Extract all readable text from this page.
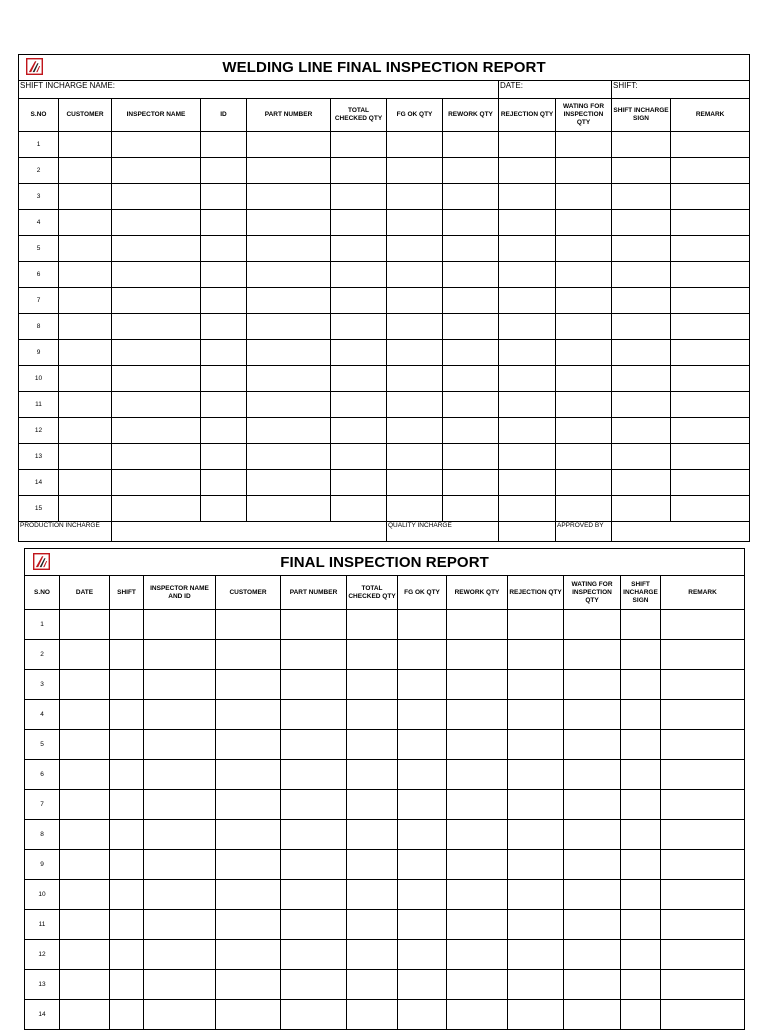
WELDING LINE FINAL INSPECTION REPORT											
SHIFT INCHARGE NAME:								DATE:		SHIFT:	
S.NO	CUSTOMER	INSPECTOR NAME	ID	PART NUMBER	TOTAL CHECKED QTY	FG OK QTY	REWORK QTY	REJECTION QTY	WATING FOR INSPECTION QTY	SHIFT INCHARGE SIGN	REMARK
1											
2											
3											
4											
5											
6											
7											
8											
9											
10											
11											
12											
13											
14											
15											
PRODUCTION INCHARGE						QUALITY INCHARGE			APPROVED BY		
FINAL INSPECTION REPORT												
S.NO	DATE	SHIFT	INSPECTOR NAME AND ID	CUSTOMER	PART NUMBER	TOTAL CHECKED QTY	FG OK QTY	REWORK QTY	REJECTION QTY	WATING FOR INSPECTION QTY	SHIFT INCHARGE SIGN	REMARK
1												
2												
3												
4												
5												
6												
7												
8												
9												
10												
11												
12												
13												
14												
